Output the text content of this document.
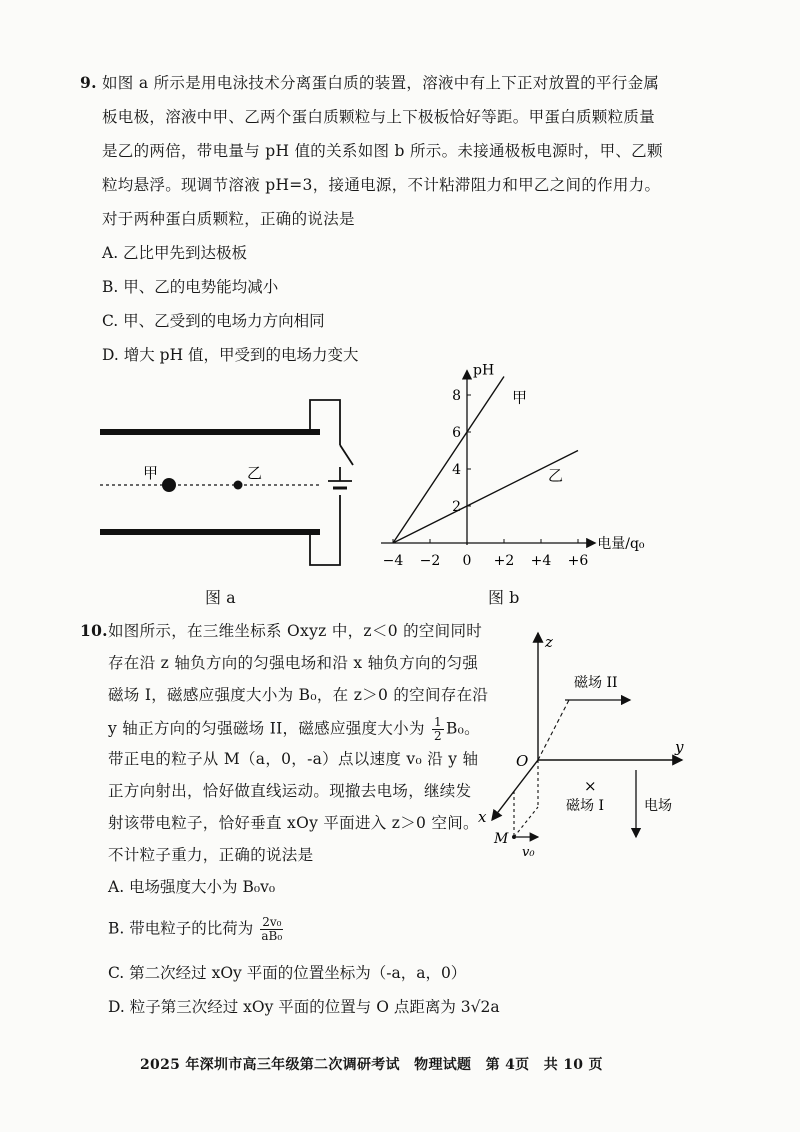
9. 如图 a 所示是用电泳技术分离蛋白质的装置，溶液中有上下正对放置的平行金属
板电极，溶液中甲、乙两个蛋白质颗粒与上下极板恰好等距。甲蛋白质颗粒质量
是乙的两倍，带电量与 pH 值的关系如图 b 所示。未接通极板电源时，甲、乙颗
粒均悬浮。现调节溶液 pH=3，接通电源，不计粘滞阻力和甲乙之间的作用力。
对于两种蛋白质颗粒，正确的说法是
A. 乙比甲先到达极板
B. 甲、乙的电势能均减小
C. 甲、乙受到的电场力方向相同
D. 增大 pH 值，甲受到的电场力变大
甲	乙
图 a
pH
电量/q₀
−4 −2 0 +2 +4 +6
2
4
6
8	甲
乙
图 b
10. 如图所示，在三维坐标系 Oxyz 中，z＜0 的空间同时
存在沿 z 轴负方向的匀强电场和沿 x 轴负方向的匀强
磁场 I，磁感应强度大小为 B₀，在 z＞0 的空间存在沿
y 轴正方向的匀强磁场 II，磁感应强度大小为 $\frac{1}{2} B_0$。
带正电的粒子从 M（a，0，-a）点以速度 v₀ 沿 y 轴
正方向射出，恰好做直线运动。现撤去电场，继续发
射该带电粒子，恰好垂直 xOy 平面进入 z＞0 空间。
不计粒子重力，正确的说法是
A. 电场强度大小为 B₀v₀
B. 带电粒子的比荷为 $\frac{\text{2v₀}}{\text{aB₀}}$
C. 第二次经过 xOy 平面的位置坐标为（-a，a，0）
D. 粒子第三次经过 xOy 平面的位置与 O 点距离为 3√2a
z
y
x
O
M
v₀
磁场 II
×
磁场 I	电场
2025 年深圳市高三年级第二次调研考试　物理试题　第 4页　共 10 页
